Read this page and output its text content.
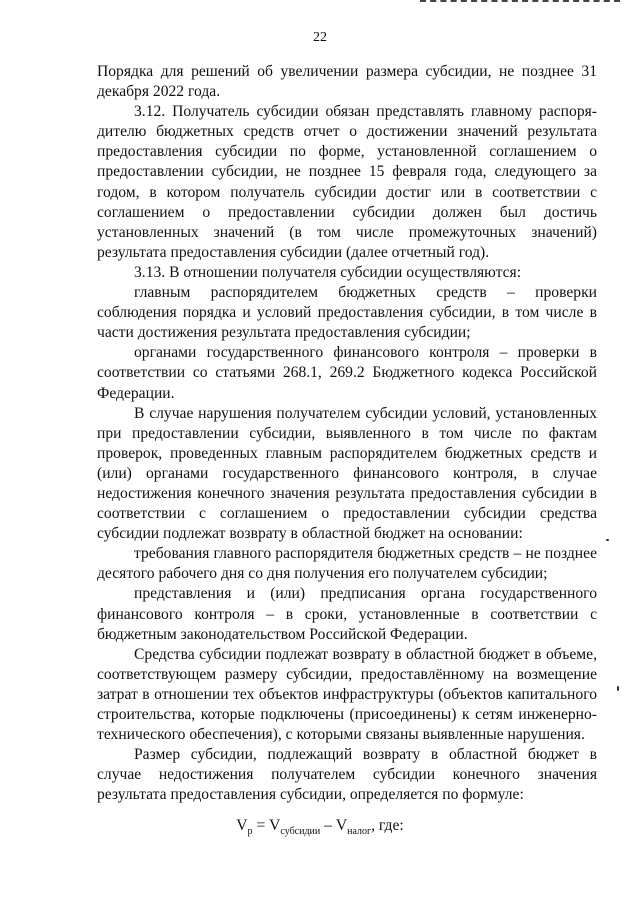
22

Порядка для решений об увеличении размера субсидии, не позднее 31 декабря 2022 года.

3.12. Получатель субсидии обязан представлять главному распорядителю бюджетных средств отчет о достижении значений результата предоставления субсидии по форме, установленной соглашением о предоставлении субсидии, не позднее 15 февраля года, следующего за годом, в котором получатель субсидии достиг или в соответствии с соглашением о предоставлении субсидии должен был достичь установленных значений (в том числе промежуточных значений) результата предоставления субсидии (далее отчетный год).

3.13. В отношении получателя субсидии осуществляются:

главным распорядителем бюджетных средств – проверки соблюдения порядка и условий предоставления субсидии, в том числе в части достижения результата предоставления субсидии;

органами государственного финансового контроля – проверки в соответствии со статьями 268.1, 269.2 Бюджетного кодекса Российской Федерации.

В случае нарушения получателем субсидии условий, установленных при предоставлении субсидии, выявленного в том числе по фактам проверок, проведенных главным распорядителем бюджетных средств и (или) органами государственного финансового контроля, в случае недостижения конечного значения результата предоставления субсидии в соответствии с соглашением о предоставлении субсидии средства субсидии подлежат возврату в областной бюджет на основании:

требования главного распорядителя бюджетных средств – не позднее десятого рабочего дня со дня получения его получателем субсидии;

представления и (или) предписания органа государственного финансового контроля – в сроки, установленные в соответствии с бюджетным законодательством Российской Федерации.

Средства субсидии подлежат возврату в областной бюджет в объеме, соответствующем размеру субсидии, предоставлённому на возмещение затрат в отношении тех объектов инфраструктуры (объектов капитального строительства, которые подключены (присоединены) к сетям инженерно-технического обеспечения), с которыми связаны выявленные нарушения.

Размер субсидии, подлежащий возврату в областной бюджет в случае недостижения получателем субсидии конечного значения результата предоставления субсидии, определяется по формуле:

$V_р = V_{субсидии} - V_{налог}$, где:
